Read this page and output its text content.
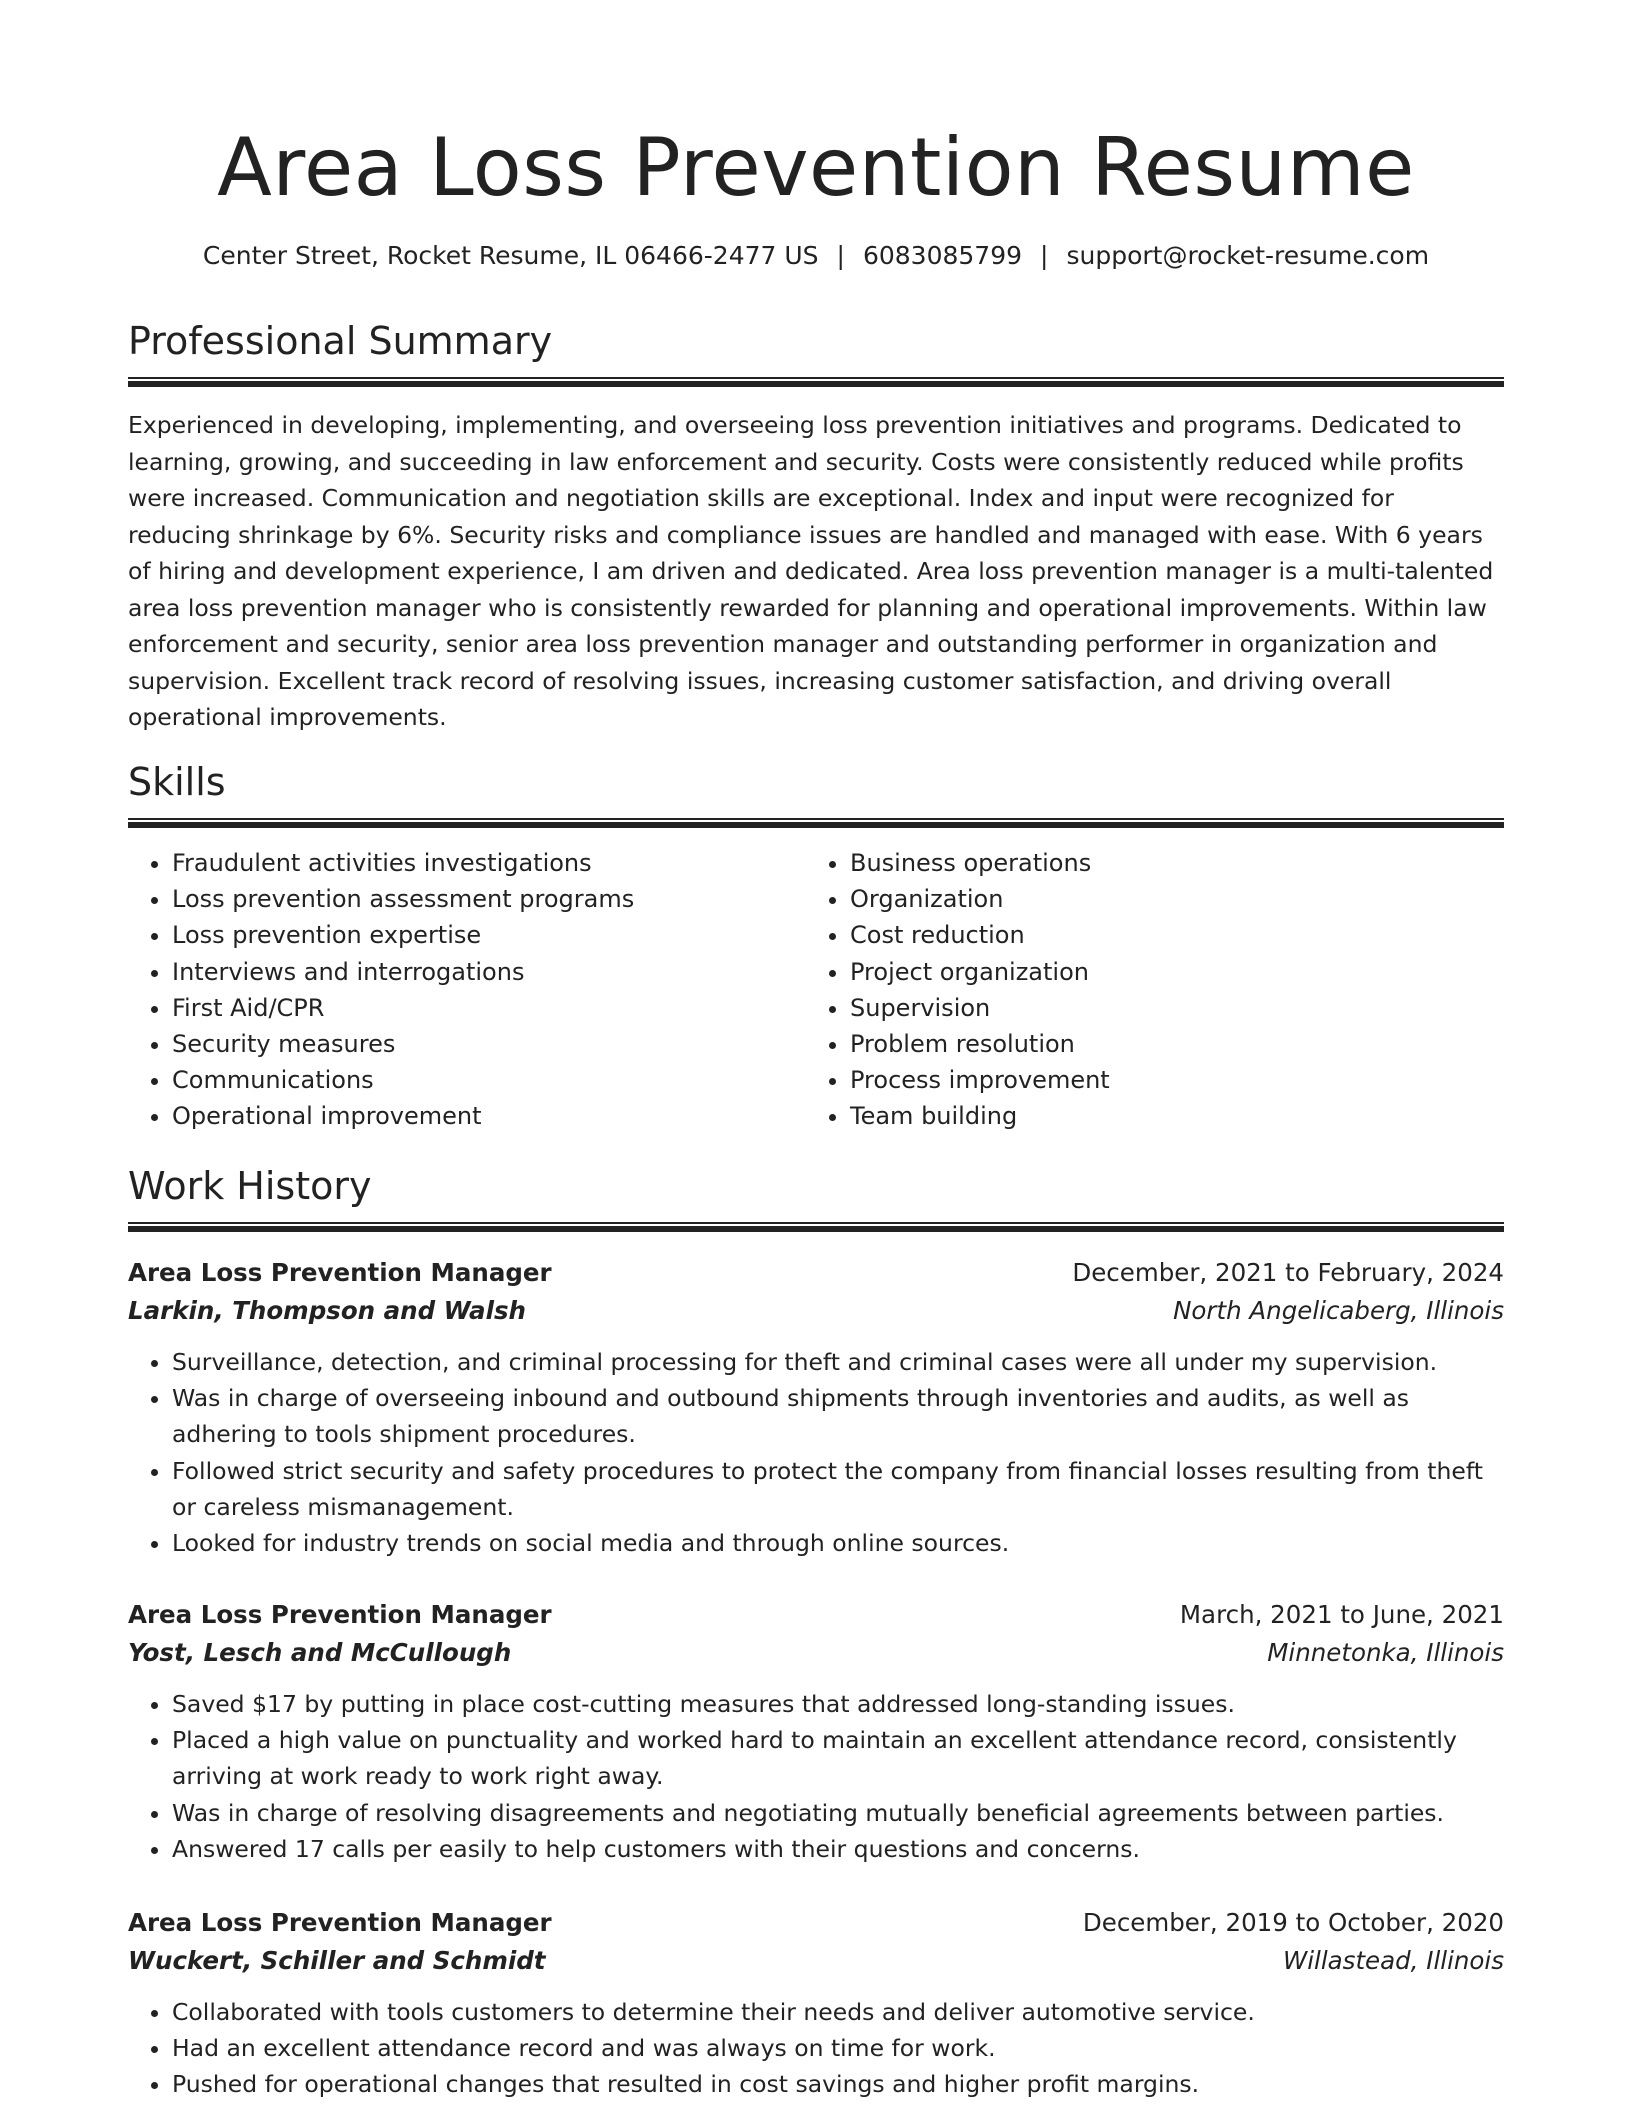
Area Loss Prevention Resume
Center Street, Rocket Resume, IL 06466-2477 US | 6083085799 | support@rocket-resume.com
Professional Summary

Experienced in developing, implementing, and overseeing loss prevention initiatives and programs. Dedicated to learning, growing, and succeeding in law enforcement and security. Costs were consistently reduced while profits were increased. Communication and negotiation skills are exceptional. Index and input were recognized for reducing shrinkage by 6%. Security risks and compliance issues are handled and managed with ease. With 6 years of hiring and development experience, I am driven and dedicated. Area loss prevention manager is a multi-talented area loss prevention manager who is consistently rewarded for planning and operational improvements. Within law enforcement and security, senior area loss prevention manager and outstanding performer in organization and supervision. Excellent track record of resolving issues, increasing customer satisfaction, and driving overall operational improvements.

Skills
• Fraudulent activities investigations
• Loss prevention assessment programs
• Loss prevention expertise
• Interviews and interrogations
• First Aid/CPR
• Security measures
• Communications
• Operational improvement
• Business operations
• Organization
• Cost reduction
• Project organization
• Supervision
• Problem resolution
• Process improvement
• Team building
Work History
Area Loss Prevention Manager	December, 2021 to February, 2024
Larkin, Thompson and Walsh	North Angelicaberg, Illinois
• Surveillance, detection, and criminal processing for theft and criminal cases were all under my supervision.
• Was in charge of overseeing inbound and outbound shipments through inventories and audits, as well as adhering to tools shipment procedures.
• Followed strict security and safety procedures to protect the company from financial losses resulting from theft or careless mismanagement.
• Looked for industry trends on social media and through online sources.
Area Loss Prevention Manager	March, 2021 to June, 2021
Yost, Lesch and McCullough	Minnetonka, Illinois
• Saved $17 by putting in place cost-cutting measures that addressed long-standing issues.
• Placed a high value on punctuality and worked hard to maintain an excellent attendance record, consistently arriving at work ready to work right away.
• Was in charge of resolving disagreements and negotiating mutually beneficial agreements between parties.
• Answered 17 calls per easily to help customers with their questions and concerns.
Area Loss Prevention Manager	December, 2019 to October, 2020
Wuckert, Schiller and Schmidt	Willastead, Illinois
• Collaborated with tools customers to determine their needs and deliver automotive service.
• Had an excellent attendance record and was always on time for work.
• Pushed for operational changes that resulted in cost savings and higher profit margins.
